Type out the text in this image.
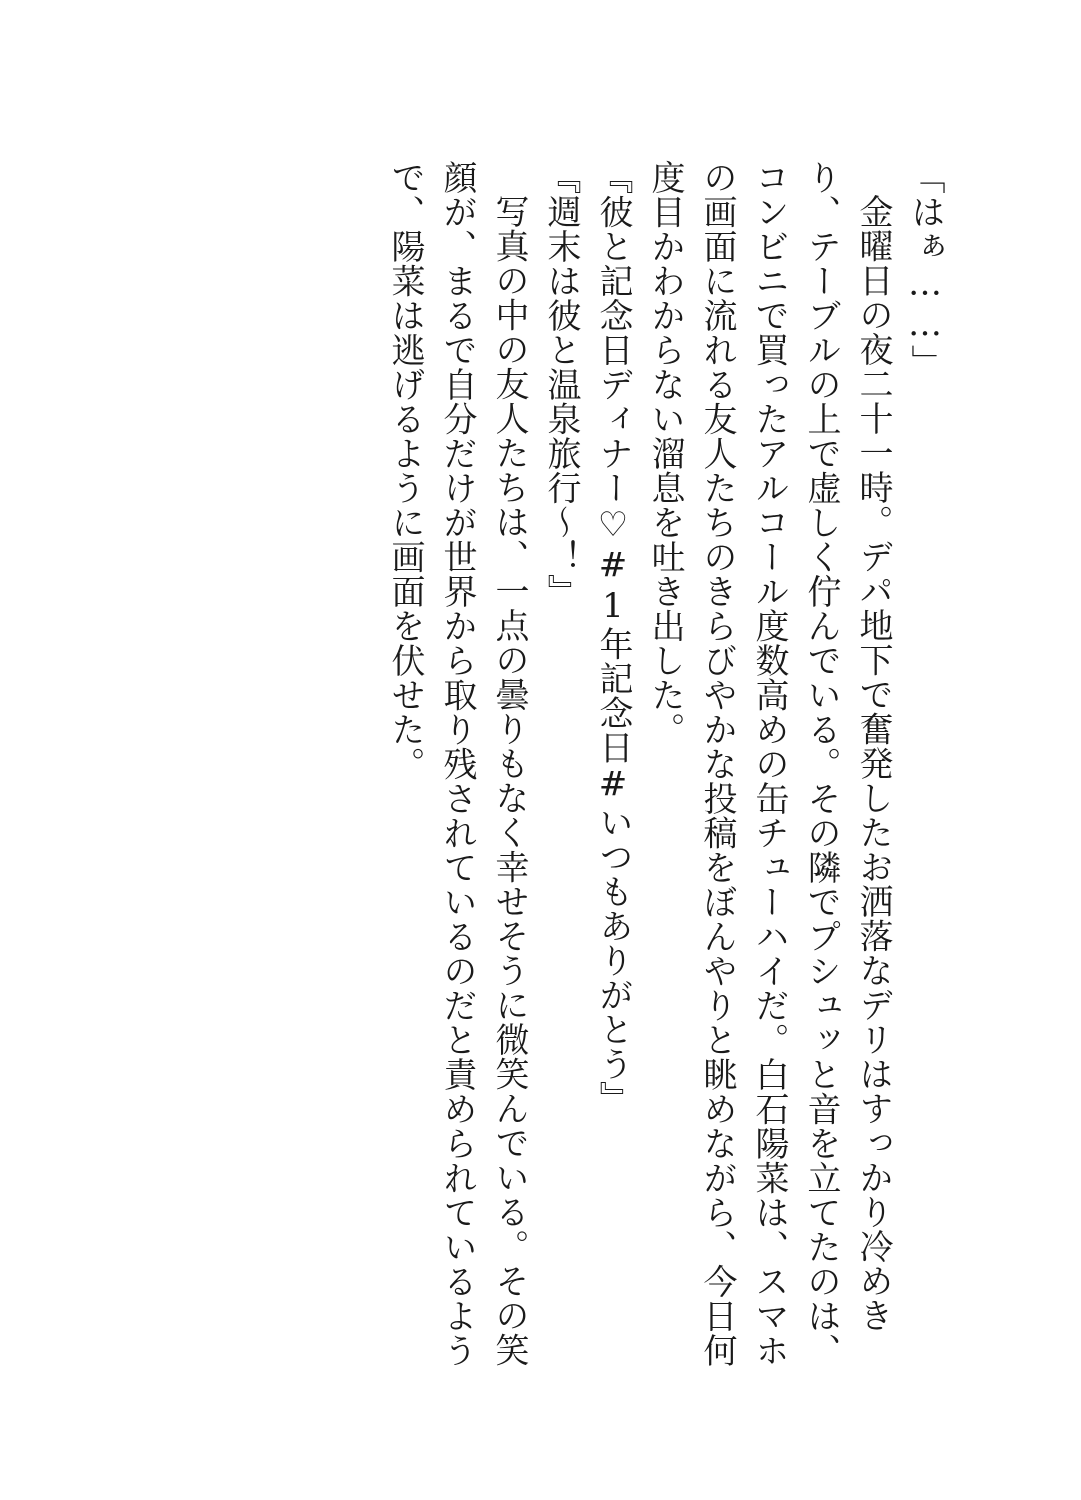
「はぁ……」

金曜日の夜二十一時。デパ地下で奮発したお洒落なデリはすっかり冷めきり、テーブルの上で虚しく佇んでいる。その隣でプシュッと音を立てたのは、コンビニで買ったアルコール度数高めの缶チューハイだ。白石陽菜は、スマホの画面に流れる友人たちのきらびやかな投稿をぼんやりと眺めながら、今日何度目かわからない溜息を吐き出した。

『彼と記念日ディナー♡#1年記念日#いつもありがとう』

『週末は彼と温泉旅行〜！』

写真の中の友人たちは、一点の曇りもなく幸せそうに微笑んでいる。その笑顔が、まるで自分だけが世界から取り残されているのだと責められているようで、陽菜は逃げるように画面を伏せた。
